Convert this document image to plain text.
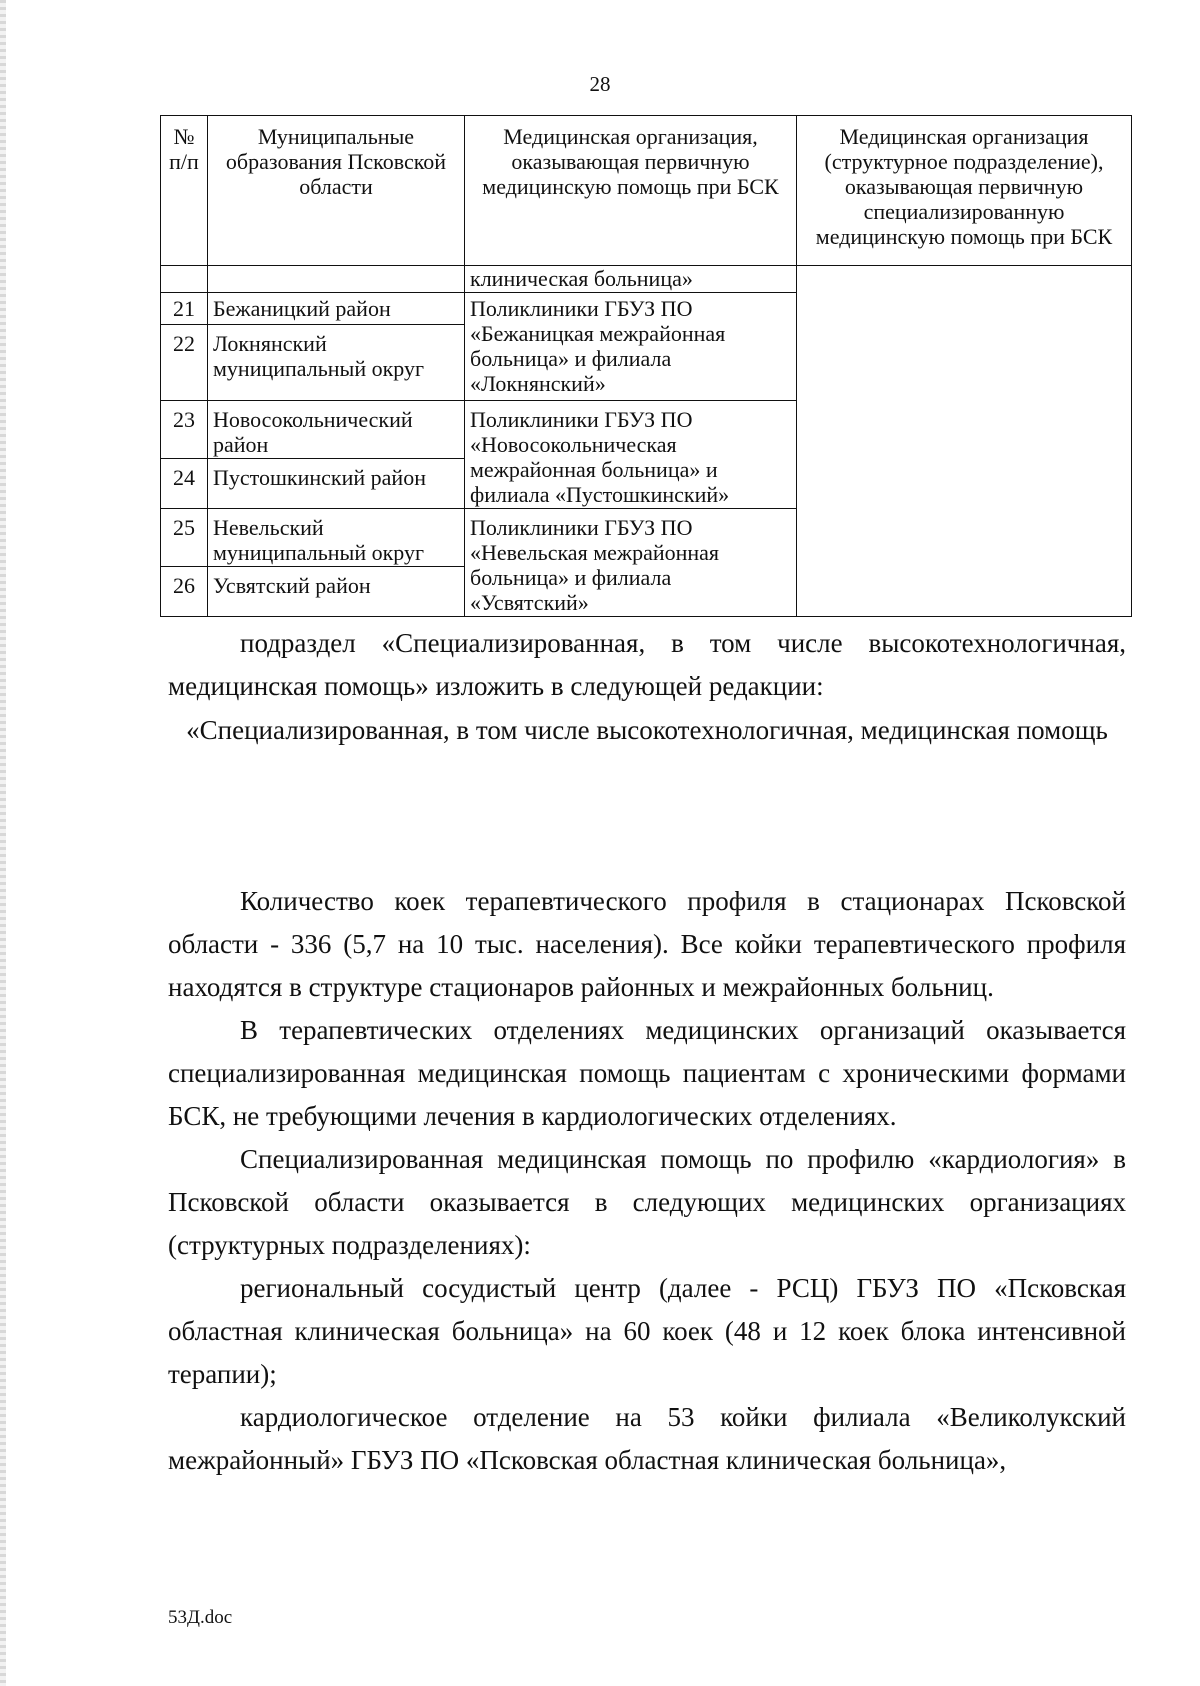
28
№ п/п	Муниципальные образования Псковской области	Медицинская организация, оказывающая первичную медицинскую помощь при БСК	Медицинская организация (структурное подразделение), оказывающая первичную специализированную медицинскую помощь при БСК
		клиническая больница»	
21	Бежаницкий район	Поликлиники ГБУЗ ПО «Бежаницкая межрайонная больница» и филиала «Локнянский»	
22	Локнянский муниципальный округ		
23	Новосокольнический район	Поликлиники ГБУЗ ПО «Новосокольническая межрайонная больница» и филиала «Пустошкинский»	
24	Пустошкинский район		
25	Невельский муниципальный округ	Поликлиники ГБУЗ ПО «Невельская межрайонная больница» и филиала «Усвятский»	
26	Усвятский район		

подраздел «Специализированная, в том числе высокотехнологичная, медицинская помощь» изложить в следующей редакции:

«Специализированная, в том числе высокотехнологичная, медицинская помощь

Количество коек терапевтического профиля в стационарах Псковской области - 336 (5,7 на 10 тыс. населения). Все койки терапевтического профиля находятся в структуре стационаров районных и межрайонных больниц.

В терапевтических отделениях медицинских организаций оказывается специализированная медицинская помощь пациентам с хроническими формами БСК, не требующими лечения в кардиологических отделениях.

Специализированная медицинская помощь по профилю «кардиология» в Псковской области оказывается в следующих медицинских организациях (структурных подразделениях):

региональный сосудистый центр (далее - РСЦ) ГБУЗ ПО «Псковская областная клиническая больница» на 60 коек (48 и 12 коек блока интенсивной терапии);

кардиологическое отделение на 53 койки филиала «Великолукский межрайонный» ГБУЗ ПО «Псковская областная клиническая больница»,

53Д.doc
